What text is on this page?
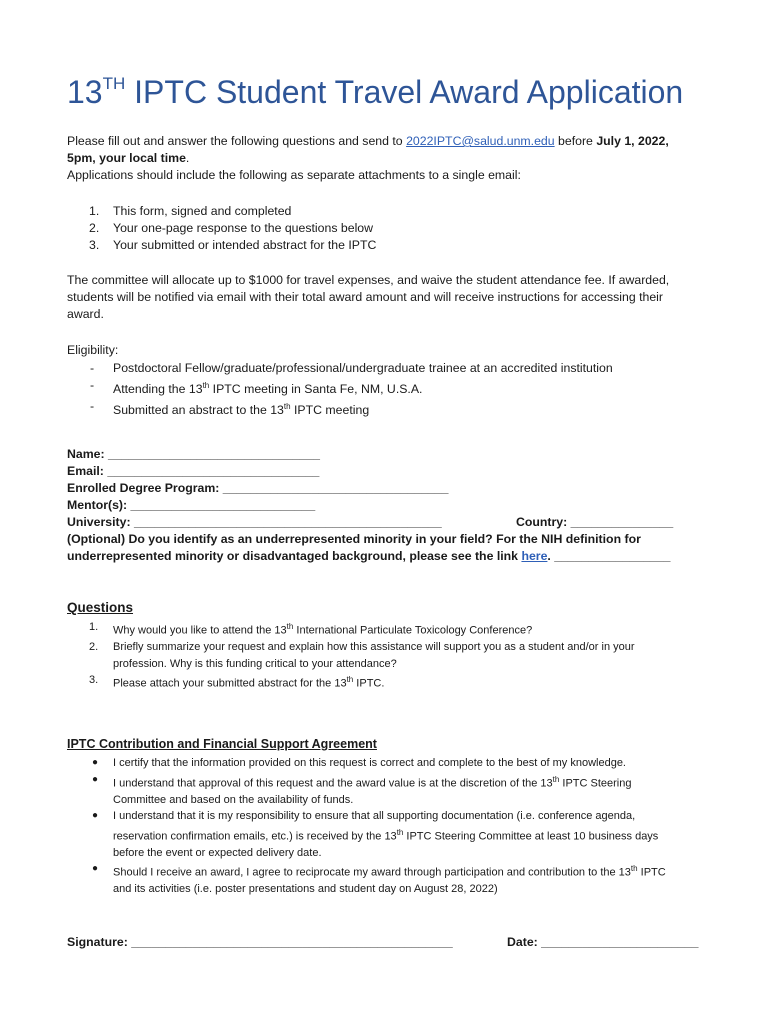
13TH IPTC Student Travel Award Application
Please fill out and answer the following questions and send to 2022IPTC@salud.unm.edu before July 1, 2022,
5pm, your local time.
Applications should include the following as separate attachments to a single email:
1. This form, signed and completed
2. Your one-page response to the questions below
3. Your submitted or intended abstract for the IPTC
The committee will allocate up to $1000 for travel expenses, and waive the student attendance fee. If awarded,
students will be notified via email with their total award amount and will receive instructions for accessing their
award.
Eligibility:
- Postdoctoral Fellow/graduate/professional/undergraduate trainee at an accredited institution
- Attending the 13th IPTC meeting in Santa Fe, NM, U.S.A.
- Submitted an abstract to the 13th IPTC meeting
Name: _______________________________
Email: _______________________________
Enrolled Degree Program: _________________________________
Mentor(s): ___________________________
University: _____________________________________________	Country: _______________
(Optional) Do you identify as an underrepresented minority in your field? For the NIH definition for
underrepresented minority or disadvantaged background, please see the link here. _________________
Questions
1. Why would you like to attend the 13th International Particulate Toxicology Conference?
2. Briefly summarize your request and explain how this assistance will support you as a student and/or in your
profession. Why is this funding critical to your attendance?
3. Please attach your submitted abstract for the 13th IPTC.
IPTC Contribution and Financial Support Agreement
● I certify that the information provided on this request is correct and complete to the best of my knowledge.
● I understand that approval of this request and the award value is at the discretion of the 13th IPTC Steering
Committee and based on the availability of funds.
● I understand that it is my responsibility to ensure that all supporting documentation (i.e. conference agenda,
reservation confirmation emails, etc.) is received by the 13th IPTC Steering Committee at least 10 business days
before the event or expected delivery date.
● Should I receive an award, I agree to reciprocate my award through participation and contribution to the 13th IPTC
and its activities (i.e. poster presentations and student day on August 28, 2022)
Signature: _______________________________________________	Date: _______________________
